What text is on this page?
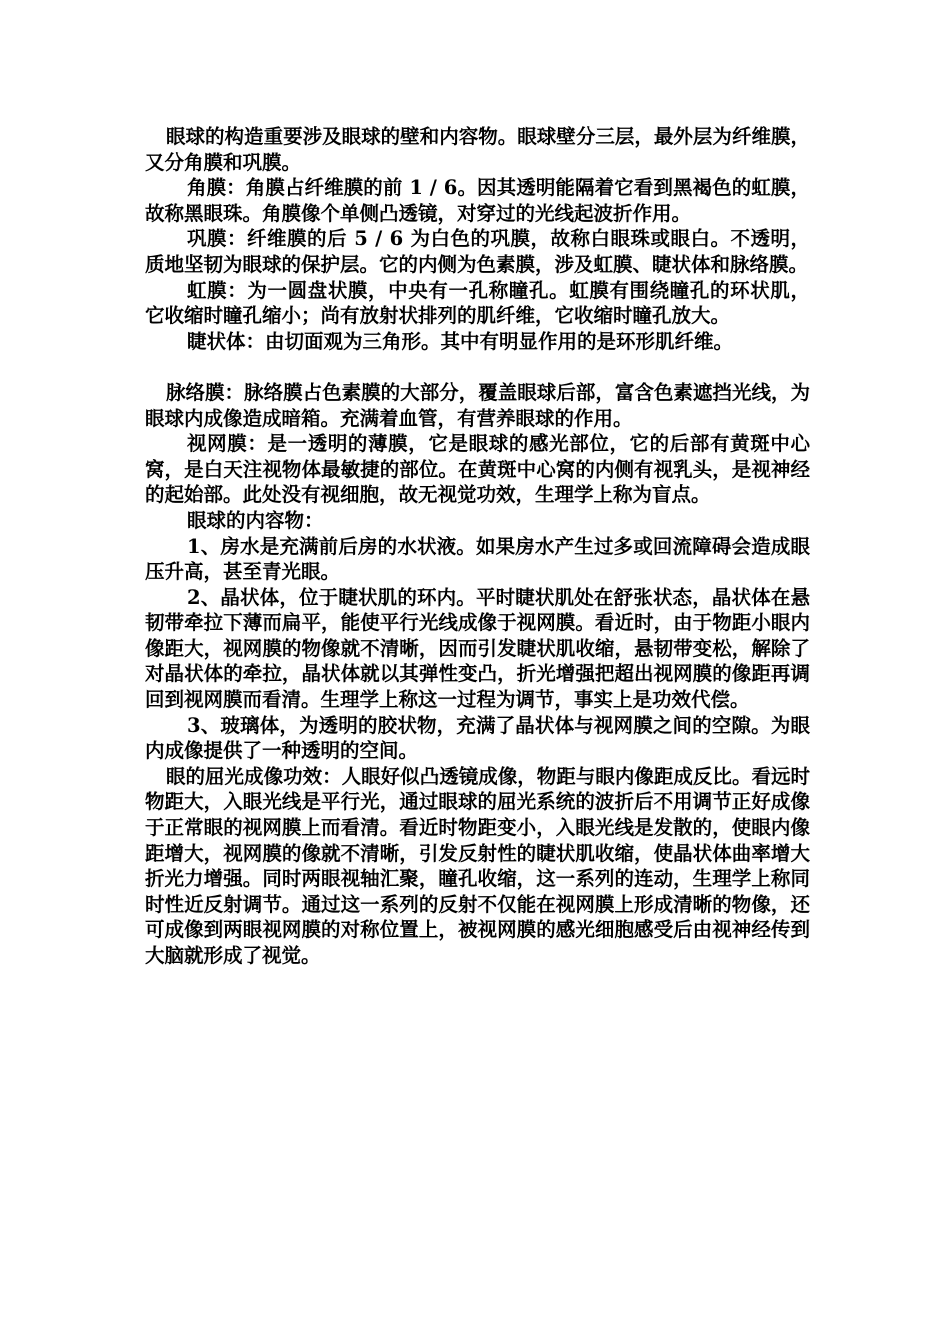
眼球的构造重要涉及眼球的壁和内容物。眼球壁分三层，最外层为纤维膜，又分角膜和巩膜。

角膜：角膜占纤维膜的前 1 / 6。因其透明能隔着它看到黑褐色的虹膜，故称黑眼珠。角膜像个单侧凸透镜，对穿过的光线起波折作用。

巩膜：纤维膜的后 5 / 6 为白色的巩膜，故称白眼珠或眼白。不透明，质地坚韧为眼球的保护层。它的内侧为色素膜，涉及虹膜、睫状体和脉络膜。

虹膜：为一圆盘状膜，中央有一孔称瞳孔。虹膜有围绕瞳孔的环状肌，它收缩时瞳孔缩小；尚有放射状排列的肌纤维，它收缩时瞳孔放大。

睫状体：由切面观为三角形。其中有明显作用的是环形肌纤维。

脉络膜：脉络膜占色素膜的大部分，覆盖眼球后部，富含色素遮挡光线，为眼球内成像造成暗箱。充满着血管，有营养眼球的作用。

视网膜：是一透明的薄膜，它是眼球的感光部位，它的后部有黄斑中心窝，是白天注视物体最敏捷的部位。在黄斑中心窝的内侧有视乳头，是视神经的起始部。此处没有视细胞，故无视觉功效，生理学上称为盲点。

眼球的内容物：

1、房水是充满前后房的水状液。如果房水产生过多或回流障碍会造成眼压升高，甚至青光眼。

2、晶状体，位于睫状肌的环内。平时睫状肌处在舒张状态，晶状体在悬韧带牵拉下薄而扁平，能使平行光线成像于视网膜。看近时，由于物距小眼内像距大，视网膜的物像就不清晰，因而引发睫状肌收缩，悬韧带变松，解除了对晶状体的牵拉，晶状体就以其弹性变凸，折光增强把超出视网膜的像距再调回到视网膜而看清。生理学上称这一过程为调节，事实上是功效代偿。

3、玻璃体，为透明的胶状物，充满了晶状体与视网膜之间的空隙。为眼内成像提供了一种透明的空间。

眼的屈光成像功效：人眼好似凸透镜成像，物距与眼内像距成反比。看远时物距大，入眼光线是平行光，通过眼球的屈光系统的波折后不用调节正好成像于正常眼的视网膜上而看清。看近时物距变小，入眼光线是发散的，使眼内像距增大，视网膜的像就不清晰，引发反射性的睫状肌收缩，使晶状体曲率增大折光力增强。同时两眼视轴汇聚，瞳孔收缩，这一系列的连动，生理学上称同时性近反射调节。通过这一系列的反射不仅能在视网膜上形成清晰的物像，还可成像到两眼视网膜的对称位置上，被视网膜的感光细胞感受后由视神经传到大脑就形成了视觉。
